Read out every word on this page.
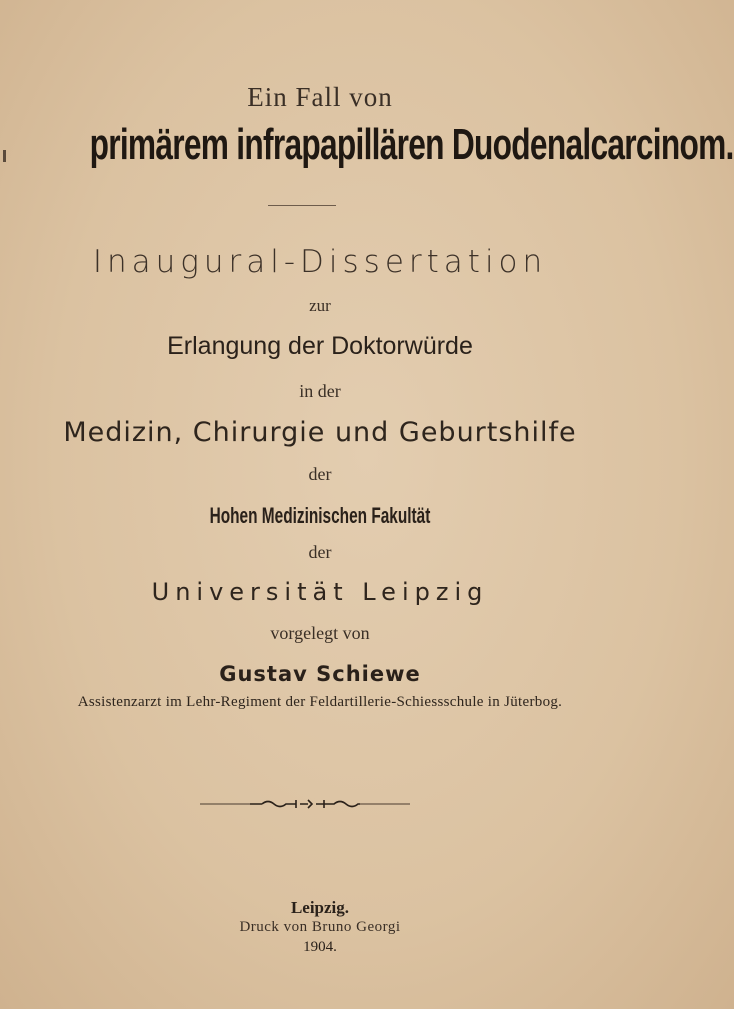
Ein Fall von
primärem infrapapillären Duodenalcarcinom.
Inaugural-Dissertation
zur
Erlangung der Doktorwürde
in der
Medizin, Chirurgie und Geburtshilfe
der
Hohen Medizinischen Fakultät
der
Universität Leipzig
vorgelegt von
Gustav Schiewe
Assistenzarzt im Lehr-Regiment der Feldartillerie-Schiessschule in Jüterbog.
Leipzig.
Druck von Bruno Georgi
1904.
